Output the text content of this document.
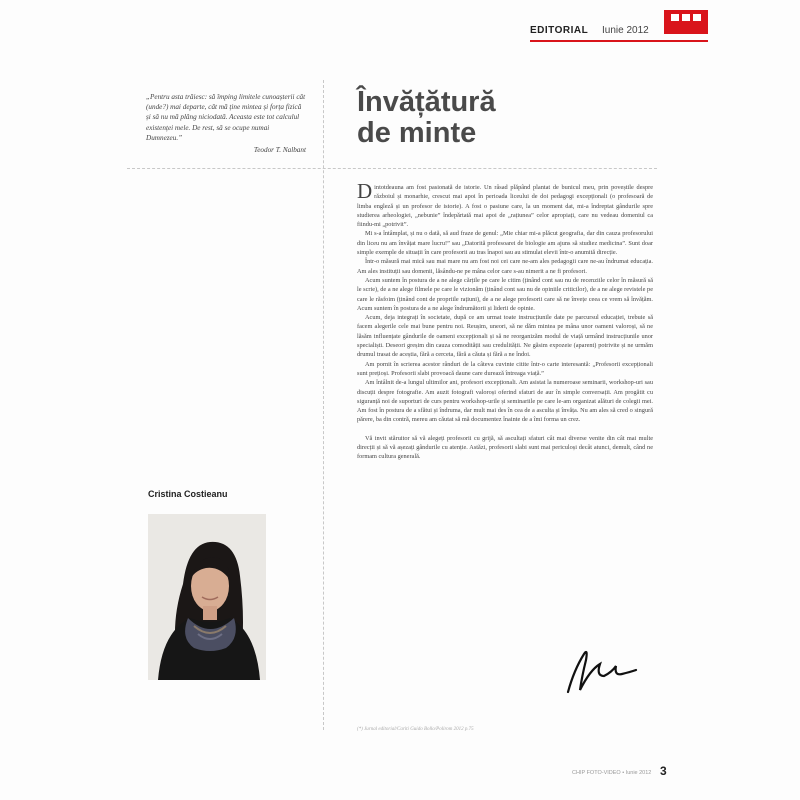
EDITORIAL Iunie 2012
„Pentru asta trăiesc: să împing limitele cunoașterii cât (unde?) mai departe, cât mă ține mintea și forța fizică și să nu mă plâng niciodată. Aceasta este tot calculul existenței mele. De rest, să se ocupe numai Dumnezeu.”
Teodor T. Nalbant
Învățătură
de minte

Dintotdeauna am fost pasionată de istorie. Un râsad plăpând plantat de bunicul meu, prin poveștile despre războiul și monarhie, crescut mai apoi în perioada liceului de doi pedagogi excepționali (o profesoară de limba engleză și un profesor de istorie). A fost o pasiune care, la un moment dat, mi-a îndreptat gândurile spre studierea arheologiei, „nebunie” îndepărtată mai apoi de „rațiunea” celor apropiați, care nu vedeau domeniul ca fiindu-mi „potrivit”.

Mi s-a întâmplat, și nu o dată, să aud fraze de genul: „Mie chiar mi-a plăcut geografia, dar din cauza profesorului din liceu nu am învățat mare lucru!” sau „Datorită profesoarei de biologie am ajuns să studiez medicina”. Sunt doar simple exemple de situații în care profesorii au tras înapoi sau au stimulat elevii într-o anumită direcție.

Într-o măsură mai mică sau mai mare nu am fost noi cei care ne-am ales pedagogii care ne-au îndrumat educația. Am ales instituții sau domenii, lăsându-ne pe mâna celor care s-au nimerit a ne fi profesori.

Acum suntem în postura de a ne alege cărțile pe care le citim (ținând cont sau nu de recenziile celor în măsură să le scrie), de a ne alege filmele pe care le vizionăm (ținând cont sau nu de opiniile criticilor), de a ne alege revistele pe care le răsfoim (ținând cont de propriile rațiuni), de a ne alege profesorii care să ne învețe ceea ce vrem să învățăm. Acum suntem în postura de a ne alege îndrumătorii și liderii de opinie.

Acum, deja integrați în societate, după ce am urmat toate instrucțiunile date pe parcursul educației, trebuie să facem alegerile cele mai bune pentru noi. Reușim, uneori, să ne dăm mintea pe mâna unor oameni valoroși, să ne lăsăm influențate gândurile de oameni excepționali și să ne reorganizăm modul de viață urmând instrucțiunile unor specialiști. Deseori greșim din cauza comodității sau credulității. Ne găsim expozeie (aparent) potrivite și ne urmăm drumul trasat de aceștia, fără a cerceta, fără a căuta și fără a ne îndoi.

Am pornit în scrierea acestor rânduri de la câteva cuvinte citite într-o carte interesantă: „Profesorii excepționali sunt prețioși. Profesorii slabi provoacă daune care durează întreaga viață.”

Am întâlnit de-a lungul ultimilor ani, profesori excepționali. Am asistat la numeroase seminarii, workshop-uri sau discuții despre fotografie. Am auzit fotografi valoroși oferind sfaturi de aur în simple conversații. Am progătit cu siguranță noi de suporturi de curs pentru workshop-urile și seminariile pe care le-am organizat alături de colegii mei. Am fost în postura de a sfătui și îndruma, dar mult mai des în cea de a asculta și învăța. Nu am ales să cred o singură părere, ba din contră, mereu am căutat să mă documentez înainte de a îmi forma un crez.

Vă invit stăruitor să vă alegeți profesorii cu grijă, să ascultați sfaturi cât mai diverse venite din cât mai multe direcții și să vă așezați gândurile cu atenție. Astăzi, profesorii slabi sunt mai periculoși decât atunci, demult, când ne formam cultura generală.

Cristina Costieanu
(*) Jurnal editorial/Cariti Guido Bollo/Polirom 2012 p.75
CHIP FOTO-VIDEO • Iunie 2012 3
